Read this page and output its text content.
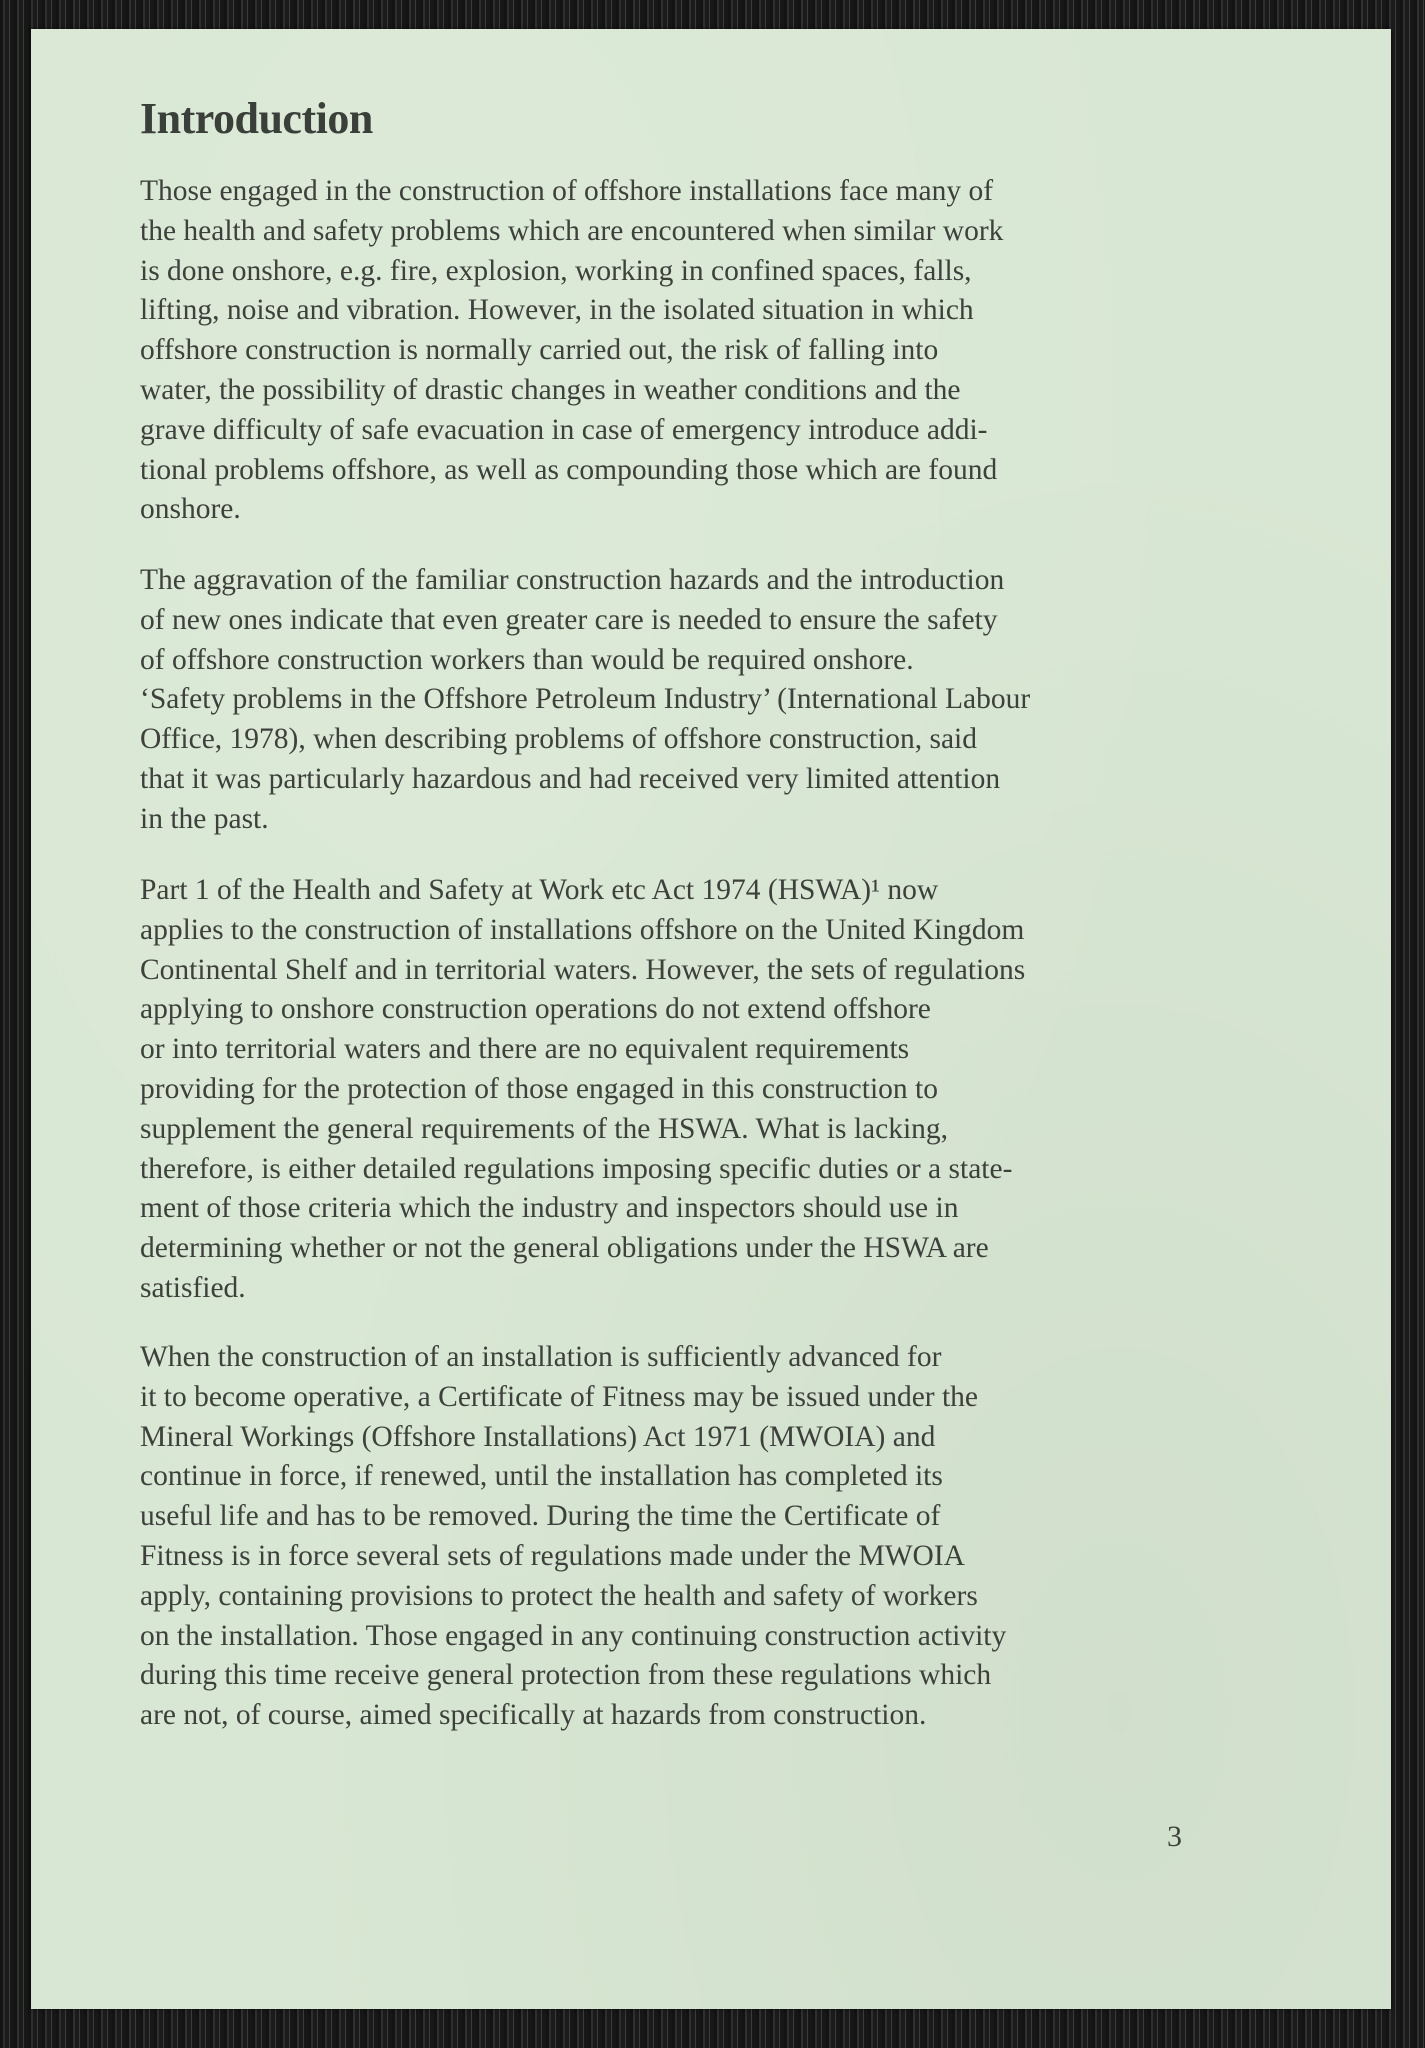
Introduction

Those engaged in the construction of offshore installations face many of
the health and safety problems which are encountered when similar work
is done onshore, e.g. fire, explosion, working in confined spaces, falls,
lifting, noise and vibration. However, in the isolated situation in which
offshore construction is normally carried out, the risk of falling into
water, the possibility of drastic changes in weather conditions and the
grave difficulty of safe evacuation in case of emergency introduce addi-
tional problems offshore, as well as compounding those which are found
onshore.

The aggravation of the familiar construction hazards and the introduction
of new ones indicate that even greater care is needed to ensure the safety
of offshore construction workers than would be required onshore.
‘Safety problems in the Offshore Petroleum Industry’ (International Labour
Office, 1978), when describing problems of offshore construction, said
that it was particularly hazardous and had received very limited attention
in the past.

Part 1 of the Health and Safety at Work etc Act 1974 (HSWA)¹ now
applies to the construction of installations offshore on the United Kingdom
Continental Shelf and in territorial waters. However, the sets of regulations
applying to onshore construction operations do not extend offshore
or into territorial waters and there are no equivalent requirements
providing for the protection of those engaged in this construction to
supplement the general requirements of the HSWA. What is lacking,
therefore, is either detailed regulations imposing specific duties or a state-
ment of those criteria which the industry and inspectors should use in
determining whether or not the general obligations under the HSWA are
satisfied.

When the construction of an installation is sufficiently advanced for
it to become operative, a Certificate of Fitness may be issued under the
Mineral Workings (Offshore Installations) Act 1971 (MWOIA) and
continue in force, if renewed, until the installation has completed its
useful life and has to be removed. During the time the Certificate of
Fitness is in force several sets of regulations made under the MWOIA
apply, containing provisions to protect the health and safety of workers
on the installation. Those engaged in any continuing construction activity
during this time receive general protection from these regulations which
are not, of course, aimed specifically at hazards from construction.

3
